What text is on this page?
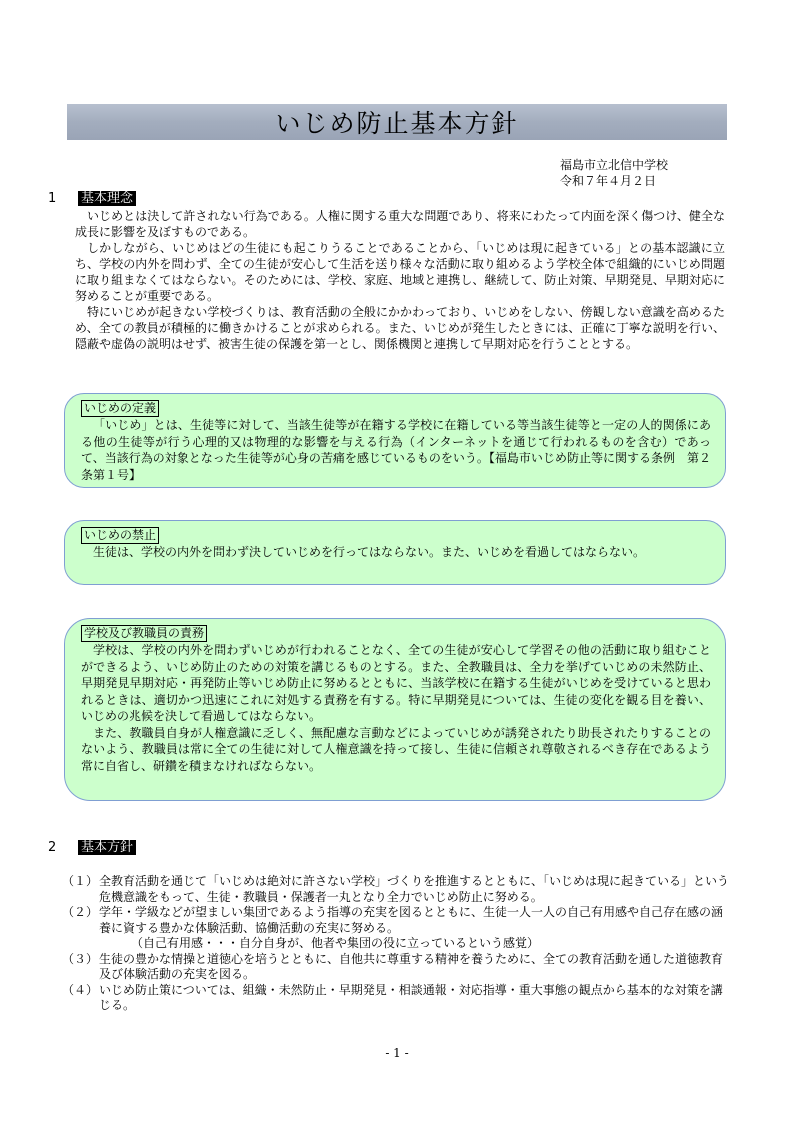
いじめ防止基本方針
福島市立北信中学校
令和７年４月２日
1 基本理念

いじめとは決して許されない行為である。人権に関する重大な問題であり、将来にわたって内面を深く傷つけ、健全な成長に影響を及ぼすものである。

しかしながら、いじめはどの生徒にも起こりうることであることから、「いじめは現に起きている」との基本認識に立ち、学校の内外を問わず、全ての生徒が安心して生活を送り様々な活動に取り組めるよう学校全体で組織的にいじめ問題に取り組まなくてはならない。そのためには、学校、家庭、地域と連携し、継続して、防止対策、早期発見、早期対応に努めることが重要である。

特にいじめが起きない学校づくりは、教育活動の全般にかかわっており、いじめをしない、傍観しない意識を高めるため、全ての教員が積極的に働きかけることが求められる。また、いじめが発生したときには、正確に丁寧な説明を行い、隠蔽や虚偽の説明はせず、被害生徒の保護を第一とし、関係機関と連携して早期対応を行うこととする。

いじめの定義

「いじめ」とは、生徒等に対して、当該生徒等が在籍する学校に在籍している等当該生徒等と一定の人的関係にある他の生徒等が行う心理的又は物理的な影響を与える行為（インターネットを通じて行われるものを含む）であって、当該行為の対象となった生徒等が心身の苦痛を感じているものをいう。【福島市いじめ防止等に関する条例　第２条第１号】

いじめの禁止

生徒は、学校の内外を問わず決していじめを行ってはならない。また、いじめを看過してはならない。

学校及び教職員の責務

学校は、学校の内外を問わずいじめが行われることなく、全ての生徒が安心して学習その他の活動に取り組むことができるよう、いじめ防止のための対策を講じるものとする。また、全教職員は、全力を挙げていじめの未然防止、早期発見早期対応・再発防止等いじめ防止に努めるとともに、当該学校に在籍する生徒がいじめを受けていると思われるときは、適切かつ迅速にこれに対処する責務を有する。特に早期発見については、生徒の変化を観る目を養い、いじめの兆候を決して看過してはならない。

また、教職員自身が人権意識に乏しく、無配慮な言動などによっていじめが誘発されたり助長されたりすることのないよう、教職員は常に全ての生徒に対して人権意識を持って接し、生徒に信頼され尊敬されるべき存在であるよう常に自省し、研鑽を積まなければならない。

2 基本方針
（１） 全教育活動を通じて「いじめは絶対に許さない学校」づくりを推進するとともに、「いじめは現に起きている」という危機意識をもって、生徒・教職員・保護者一丸となり全力でいじめ防止に努める。
（２） 学年・学級などが望ましい集団であるよう指導の充実を図るとともに、生徒一人一人の自己有用感や自己存在感の涵養に資する豊かな体験活動、協働活動の充実に努める。
（自己有用感・・・自分自身が、他者や集団の役に立っているという感覚）
（３） 生徒の豊かな情操と道徳心を培うとともに、自他共に尊重する精神を養うために、全ての教育活動を通した道徳教育及び体験活動の充実を図る。
（４） いじめ防止策については、組織・未然防止・早期発見・相談通報・対応指導・重大事態の観点から基本的な対策を講じる。
- 1 -
